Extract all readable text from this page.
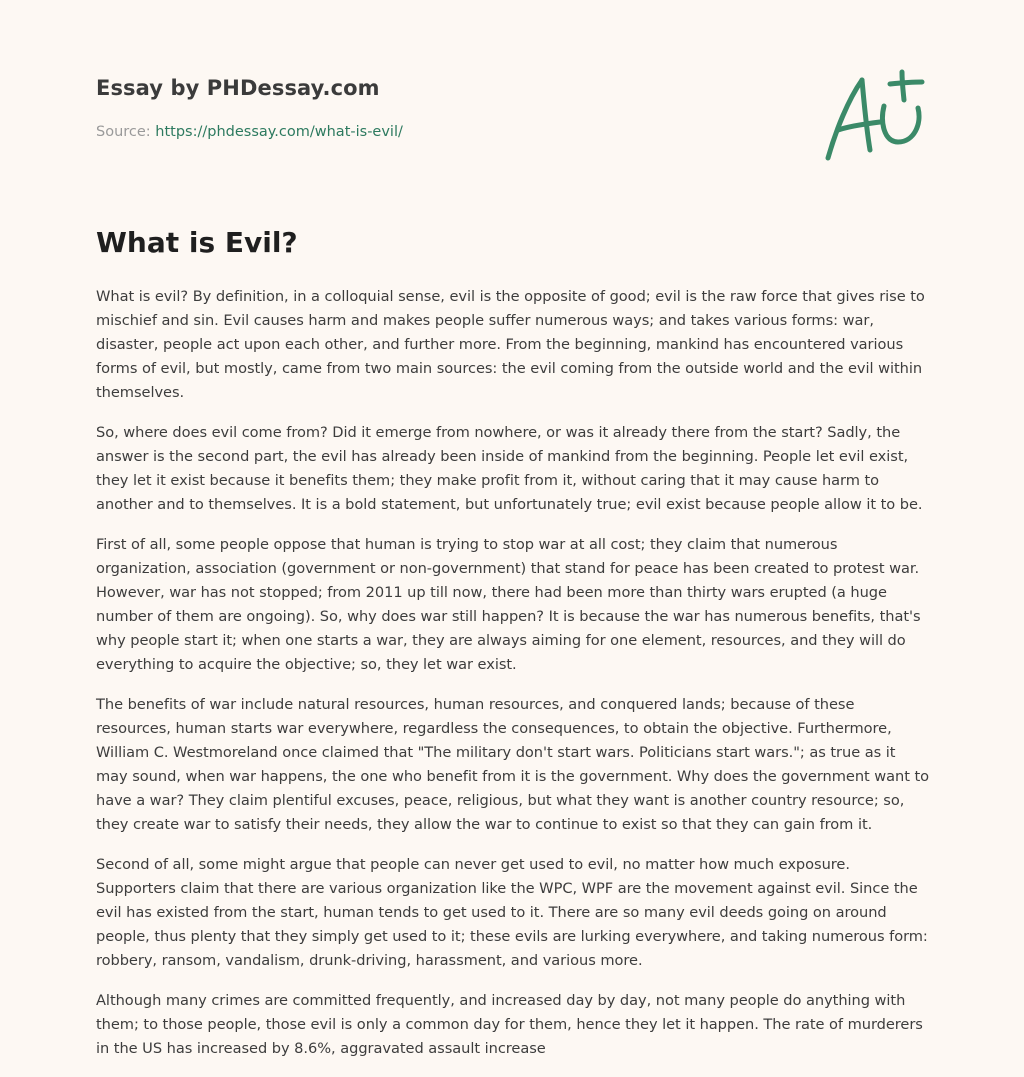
Essay by PHDessay.com
Source: https://phdessay.com/what-is-evil/
What is Evil?

What is evil? By definition, in a colloquial sense, evil is the opposite of good; evil is the raw force that gives rise to mischief and sin. Evil causes harm and makes people suffer numerous ways; and takes various forms: war, disaster, people act upon each other, and further more. From the beginning, mankind has encountered various forms of evil, but mostly, came from two main sources: the evil coming from the outside world and the evil within themselves.

So, where does evil come from? Did it emerge from nowhere, or was it already there from the start? Sadly, the answer is the second part, the evil has already been inside of mankind from the beginning. People let evil exist, they let it exist because it benefits them; they make profit from it, without caring that it may cause harm to another and to themselves. It is a bold statement, but unfortunately true; evil exist because people allow it to be.

First of all, some people oppose that human is trying to stop war at all cost; they claim that numerous organization, association (government or non-government) that stand for peace has been created to protest war. However, war has not stopped; from 2011 up till now, there had been more than thirty wars erupted (a huge number of them are ongoing). So, why does war still happen? It is because the war has numerous benefits, that's why people start it; when one starts a war, they are always aiming for one element, resources, and they will do everything to acquire the objective; so, they let war exist.

The benefits of war include natural resources, human resources, and conquered lands; because of these resources, human starts war everywhere, regardless the consequences, to obtain the objective. Furthermore, William C. Westmoreland once claimed that "The military don't start wars. Politicians start wars."; as true as it may sound, when war happens, the one who benefit from it is the government. Why does the government want to have a war? They claim plentiful excuses, peace, religious, but what they want is another country resource; so, they create war to satisfy their needs, they allow the war to continue to exist so that they can gain from it.

Second of all, some might argue that people can never get used to evil, no matter how much exposure. Supporters claim that there are various organization like the WPC, WPF are the movement against evil. Since the evil has existed from the start, human tends to get used to it. There are so many evil deeds going on around people, thus plenty that they simply get used to it; these evils are lurking everywhere, and taking numerous form: robbery, ransom, vandalism, drunk-driving, harassment, and various more.

Although many crimes are committed frequently, and increased day by day, not many people do anything with them; to those people, those evil is only a common day for them, hence they let it happen. The rate of murderers in the US has increased by 8.6%, aggravated assault increase
